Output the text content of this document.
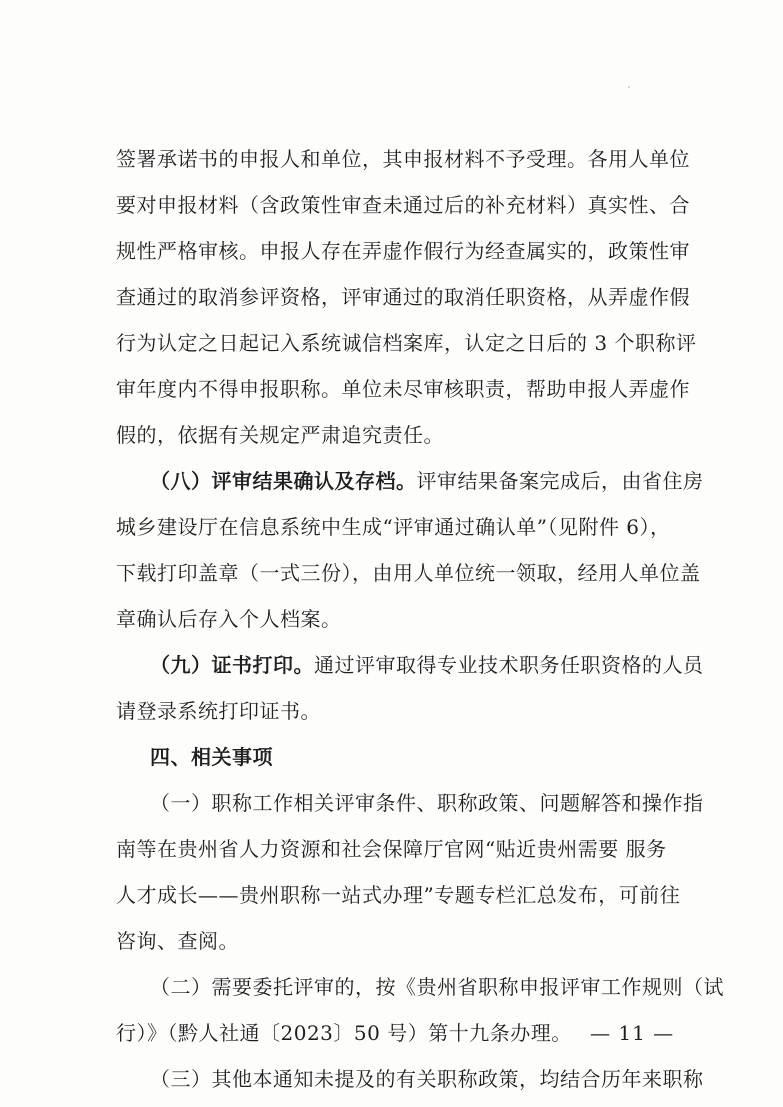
签署承诺书的申报人和单位，其申报材料不予受理。各用人单位
要对申报材料（含政策性审查未通过后的补充材料）真实性、合
规性严格审核。申报人存在弄虚作假行为经查属实的，政策性审
查通过的取消参评资格，评审通过的取消任职资格，从弄虚作假
行为认定之日起记入系统诚信档案库，认定之日后的 3 个职称评
审年度内不得申报职称。单位未尽审核职责，帮助申报人弄虚作
假的，依据有关规定严肃追究责任。
（八）评审结果确认及存档。评审结果备案完成后，由省住房
城乡建设厅在信息系统中生成“评审通过确认单”（见附件 6），
下载打印盖章（一式三份），由用人单位统一领取，经用人单位盖
章确认后存入个人档案。
（九）证书打印。通过评审取得专业技术职务任职资格的人员
请登录系统打印证书。
四、相关事项
（一）职称工作相关评审条件、职称政策、问题解答和操作指
南等在贵州省人力资源和社会保障厅官网“贴近贵州需要 服务
人才成长——贵州职称一站式办理”专题专栏汇总发布，可前往
咨询、查阅。
（二）需要委托评审的，按《贵州省职称申报评审工作规则（试
行）》（黔人社通〔2023〕50 号）第十九条办理。
（三）其他本通知未提及的有关职称政策，均结合历年来职称
— 11 —
